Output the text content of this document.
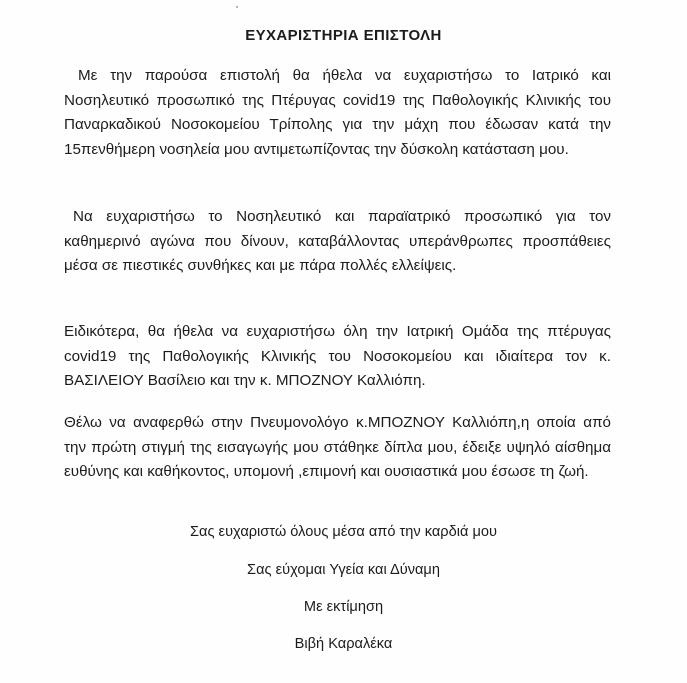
ΕΥΧΑΡΙΣΤΗΡΙΑ ΕΠΙΣΤΟΛΗ

Με την παρούσα επιστολή θα ήθελα να ευχαριστήσω το Ιατρικό και Νοσηλευτικό προσωπικό της Πτέρυγας covid19 της Παθολογικής Κλινικής του Παναρκαδικού Νοσοκομείου Τρίπολης για την μάχη που έδωσαν κατά την 15πενθήμερη νοσηλεία μου αντιμετωπίζοντας την δύσκολη κατάσταση μου.

Να ευχαριστήσω το Νοσηλευτικό και παραϊατρικό προσωπικό για τον καθημερινό αγώνα που δίνουν, καταβάλλοντας υπεράνθρωπες προσπάθειες μέσα σε πιεστικές συνθήκες και με πάρα πολλές ελλείψεις.

Ειδικότερα, θα ήθελα να ευχαριστήσω όλη την Ιατρική Ομάδα της πτέρυγας covid19 της Παθολογικής Κλινικής του Νοσοκομείου και ιδιαίτερα τον κ. ΒΑΣΙΛΕΙΟΥ Βασίλειο και την κ. ΜΠΟΖΝΟΥ Καλλιόπη.

Θέλω να αναφερθώ στην Πνευμονολόγο κ.ΜΠΟΖΝΟΥ Καλλιόπη,η οποία από την πρώτη στιγμή της εισαγωγής μου στάθηκε δίπλα μου, έδειξε υψηλό αίσθημα ευθύνης και καθήκοντος, υπομονή ,επιμονή και ουσιαστικά μου έσωσε τη ζωή.

Σας ευχαριστώ όλους μέσα από την καρδιά μου

Σας εύχομαι Υγεία και Δύναμη

Με εκτίμηση

Βιβή Καραλέκα
